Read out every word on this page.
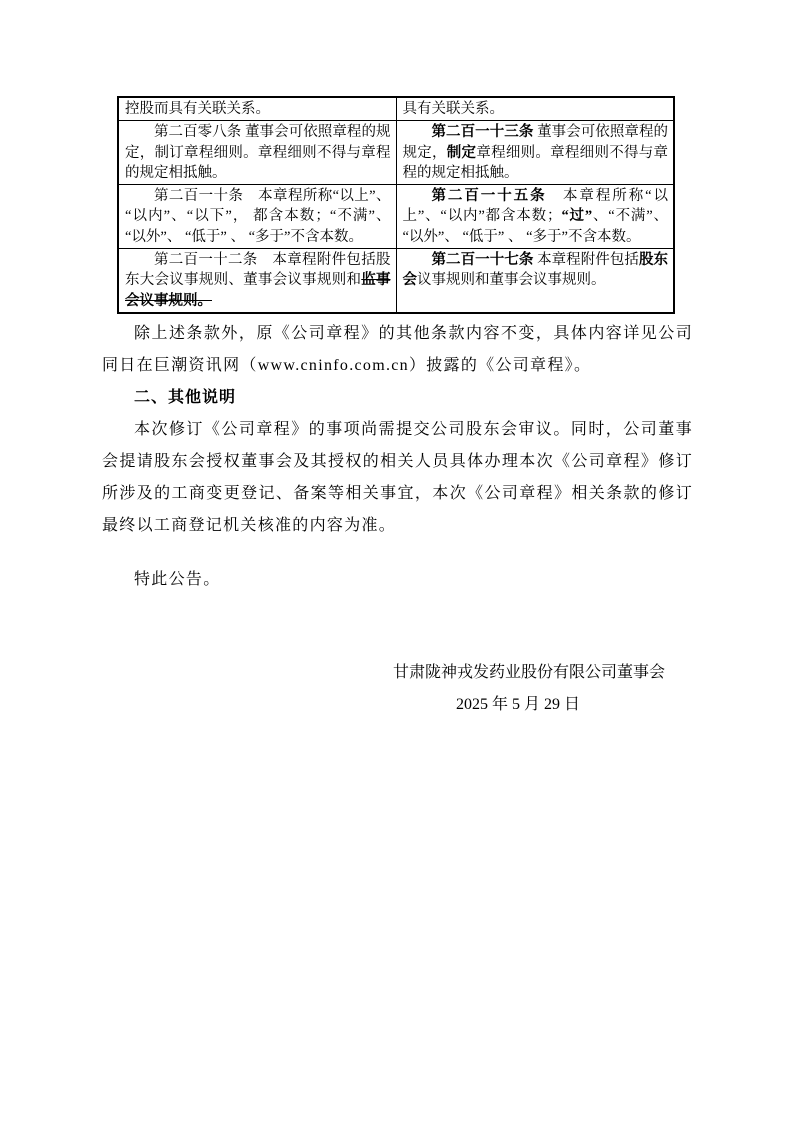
控股而具有关联关系。	具有关联关系。
第二百零八条 董事会可依照章程的规定，制订章程细则。章程细则不得与章程的规定相抵触。	第二百一十三条 董事会可依照章程的规定，制定章程细则。章程细则不得与章程的规定相抵触。
第二百一十条　本章程所称“以上”、“以内”、“以下”， 都含本数；“不满”、“以外”、 “低于” 、 “多于”不含本数。	第二百一十五条　本章程所称“以上”、“以内”都含本数；“过”、“不满”、“以外”、 “低于” 、 “多于”不含本数。
第二百一十二条　本章程附件包括股东大会议事规则、董事会议事规则和监事会议事规则。	第二百一十七条 本章程附件包括股东会议事规则和董事会议事规则。

除上述条款外，原《公司章程》的其他条款内容不变，具体内容详见公司同日在巨潮资讯网（www.cninfo.com.cn）披露的《公司章程》。

二、其他说明

本次修订《公司章程》的事项尚需提交公司股东会审议。同时，公司董事会提请股东会授权董事会及其授权的相关人员具体办理本次《公司章程》修订所涉及的工商变更登记、备案等相关事宜，本次《公司章程》相关条款的修订最终以工商登记机关核准的内容为准。

特此公告。

甘肃陇神戎发药业股份有限公司董事会

2025 年 5 月 29 日
